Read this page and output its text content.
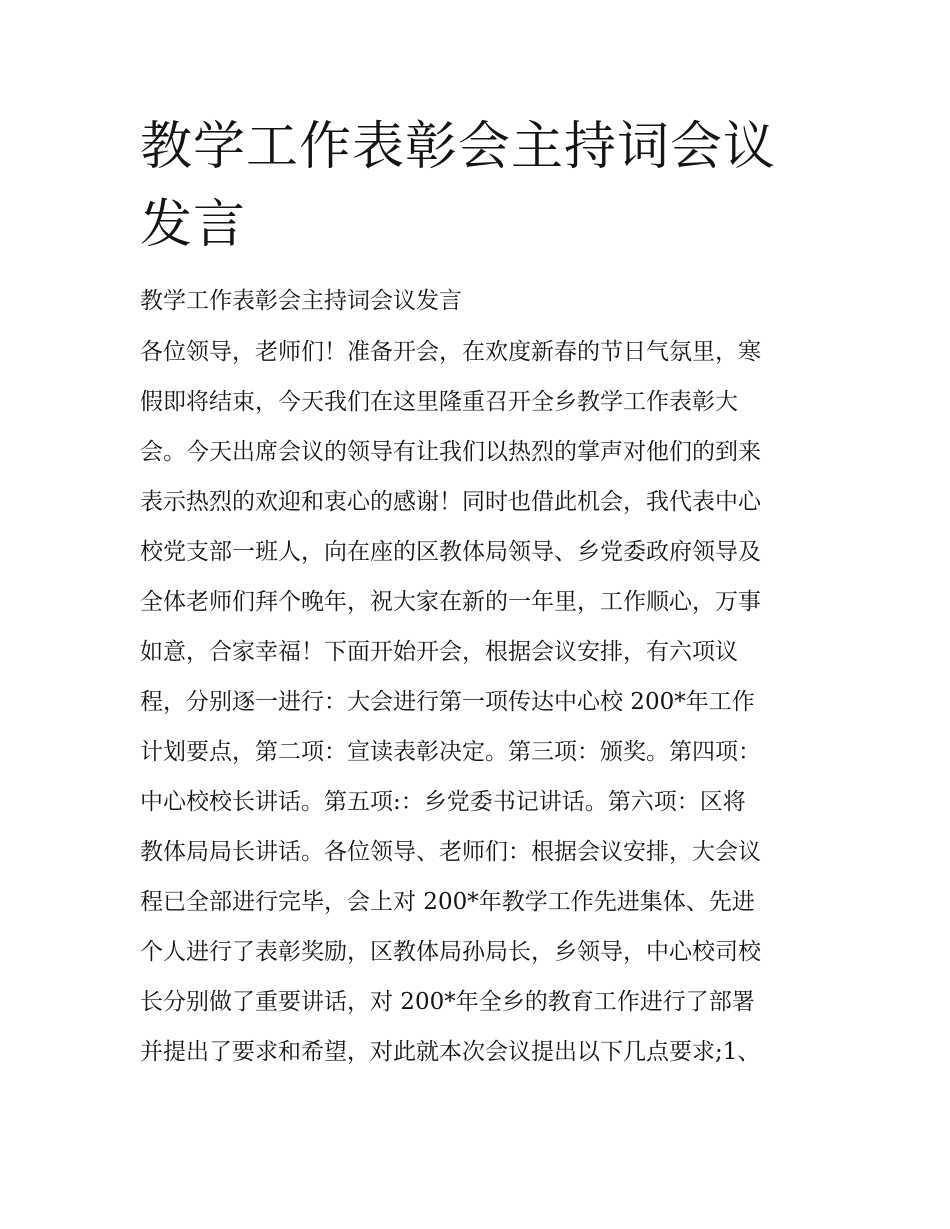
教学工作表彰会主持词会议发言

教学工作表彰会主持词会议发言

各位领导，老师们！准备开会，在欢度新春的节日气氛里，寒

假即将结束，今天我们在这里隆重召开全乡教学工作表彰大

会。今天出席会议的领导有让我们以热烈的掌声对他们的到来

表示热烈的欢迎和衷心的感谢！同时也借此机会，我代表中心

校党支部一班人，向在座的区教体局领导、乡党委政府领导及

全体老师们拜个晚年，祝大家在新的一年里，工作顺心，万事

如意，合家幸福！下面开始开会，根据会议安排，有六项议

程，分别逐一进行：大会进行第一项传达中心校 200*年工作

计划要点，第二项：宣读表彰决定。第三项：颁奖。第四项：

中心校校长讲话。第五项:：乡党委书记讲话。第六项：区将

教体局局长讲话。各位领导、老师们：根据会议安排，大会议

程已全部进行完毕，会上对 200*年教学工作先进集体、先进

个人进行了表彰奖励，区教体局孙局长，乡领导，中心校司校

长分别做了重要讲话，对 200*年全乡的教育工作进行了部署

并提出了要求和希望，对此就本次会议提出以下几点要求;1、
